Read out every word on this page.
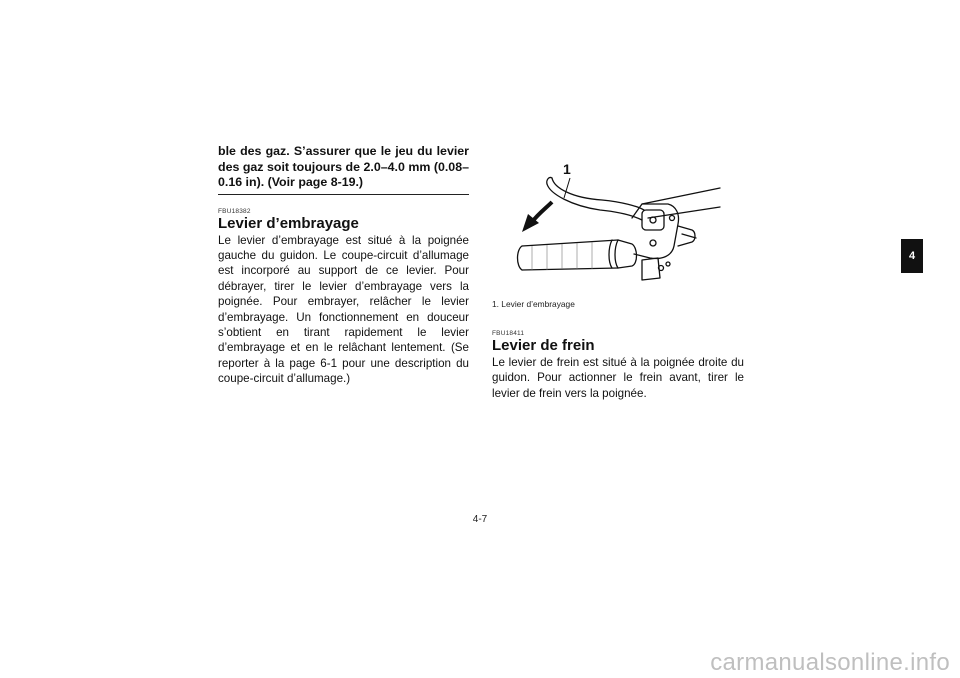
ble des gaz. S’assurer que le jeu du levier des gaz soit toujours de 2.0–4.0 mm (0.08–0.16 in). (Voir page 8-19.)

FBU18382

Levier d’embrayage

Le levier d’embrayage est situé à la poignée gauche du guidon. Le coupe-circuit d’allumage est incorporé au support de ce levier. Pour débrayer, tirer le levier d’embrayage vers la poignée. Pour embrayer, relâcher le levier d’embrayage. Un fonctionnement en douceur s’obtient en tirant rapidement le levier d’embrayage et en le relâchant lentement. (Se reporter à la page 6-1 pour une description du coupe-circuit d’allumage.)

1

1. Levier d’embrayage

FBU18411

Levier de frein

Le levier de frein est situé à la poignée droite du guidon. Pour actionner le frein avant, tirer le levier de frein vers la poignée.

4
4-7
carmanualsonline.info
